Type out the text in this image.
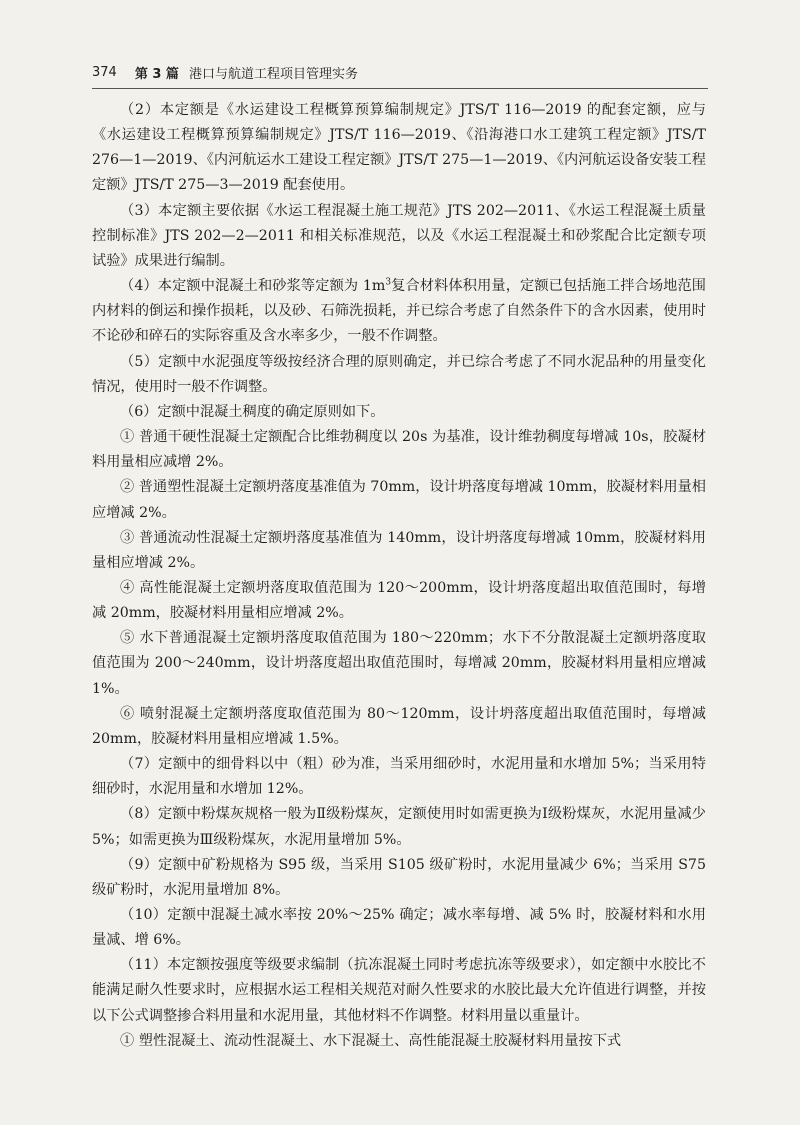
374 第 3 篇 港口与航道工程项目管理实务

（2）本定额是《水运建设工程概算预算编制规定》JTS/T 116—2019 的配套定额，应与《水运建设工程概算预算编制规定》JTS/T 116—2019、《沿海港口水工建筑工程定额》JTS/T 276—1—2019、《内河航运水工建设工程定额》JTS/T 275—1—2019、《内河航运设备安装工程定额》JTS/T 275—3—2019 配套使用。

（3）本定额主要依据《水运工程混凝土施工规范》JTS 202—2011、《水运工程混凝土质量控制标准》JTS 202—2—2011 和相关标准规范，以及《水运工程混凝土和砂浆配合比定额专项试验》成果进行编制。

（4）本定额中混凝土和砂浆等定额为 $1m^3$复合材料体积用量，定额已包括施工拌合场地范围内材料的倒运和操作损耗，以及砂、石筛洗损耗，并已综合考虑了自然条件下的含水因素，使用时不论砂和碎石的实际容重及含水率多少，一般不作调整。

（5）定额中水泥强度等级按经济合理的原则确定，并已综合考虑了不同水泥品种的用量变化情况，使用时一般不作调整。

（6）定额中混凝土稠度的确定原则如下。

① 普通干硬性混凝土定额配合比维勃稠度以 20s 为基准，设计维勃稠度每增减 10s，胶凝材料用量相应减增 2%。

② 普通塑性混凝土定额坍落度基准值为 70mm，设计坍落度每增减 10mm，胶凝材料用量相应增减 2%。

③ 普通流动性混凝土定额坍落度基准值为 140mm，设计坍落度每增减 10mm，胶凝材料用量相应增减 2%。

④ 高性能混凝土定额坍落度取值范围为 120～200mm，设计坍落度超出取值范围时，每增减 20mm，胶凝材料用量相应增减 2%。

⑤ 水下普通混凝土定额坍落度取值范围为 180～220mm；水下不分散混凝土定额坍落度取值范围为 200～240mm，设计坍落度超出取值范围时，每增减 20mm，胶凝材料用量相应增减 1%。

⑥ 喷射混凝土定额坍落度取值范围为 80～120mm，设计坍落度超出取值范围时，每增减 20mm，胶凝材料用量相应增减 1.5%。

（7）定额中的细骨料以中（粗）砂为准，当采用细砂时，水泥用量和水增加 5%；当采用特细砂时，水泥用量和水增加 12%。

（8）定额中粉煤灰规格一般为Ⅱ级粉煤灰，定额使用时如需更换为Ⅰ级粉煤灰，水泥用量减少 5%；如需更换为Ⅲ级粉煤灰，水泥用量增加 5%。

（9）定额中矿粉规格为 S95 级，当采用 S105 级矿粉时，水泥用量减少 6%；当采用 S75 级矿粉时，水泥用量增加 8%。

（10）定额中混凝土减水率按 20%～25% 确定；减水率每增、减 5% 时，胶凝材料和水用量减、增 6%。

（11）本定额按强度等级要求编制（抗冻混凝土同时考虑抗冻等级要求），如定额中水胶比不能满足耐久性要求时，应根据水运工程相关规范对耐久性要求的水胶比最大允许值进行调整，并按以下公式调整掺合料用量和水泥用量，其他材料不作调整。材料用量以重量计。

① 塑性混凝土、流动性混凝土、水下混凝土、高性能混凝土胶凝材料用量按下式
